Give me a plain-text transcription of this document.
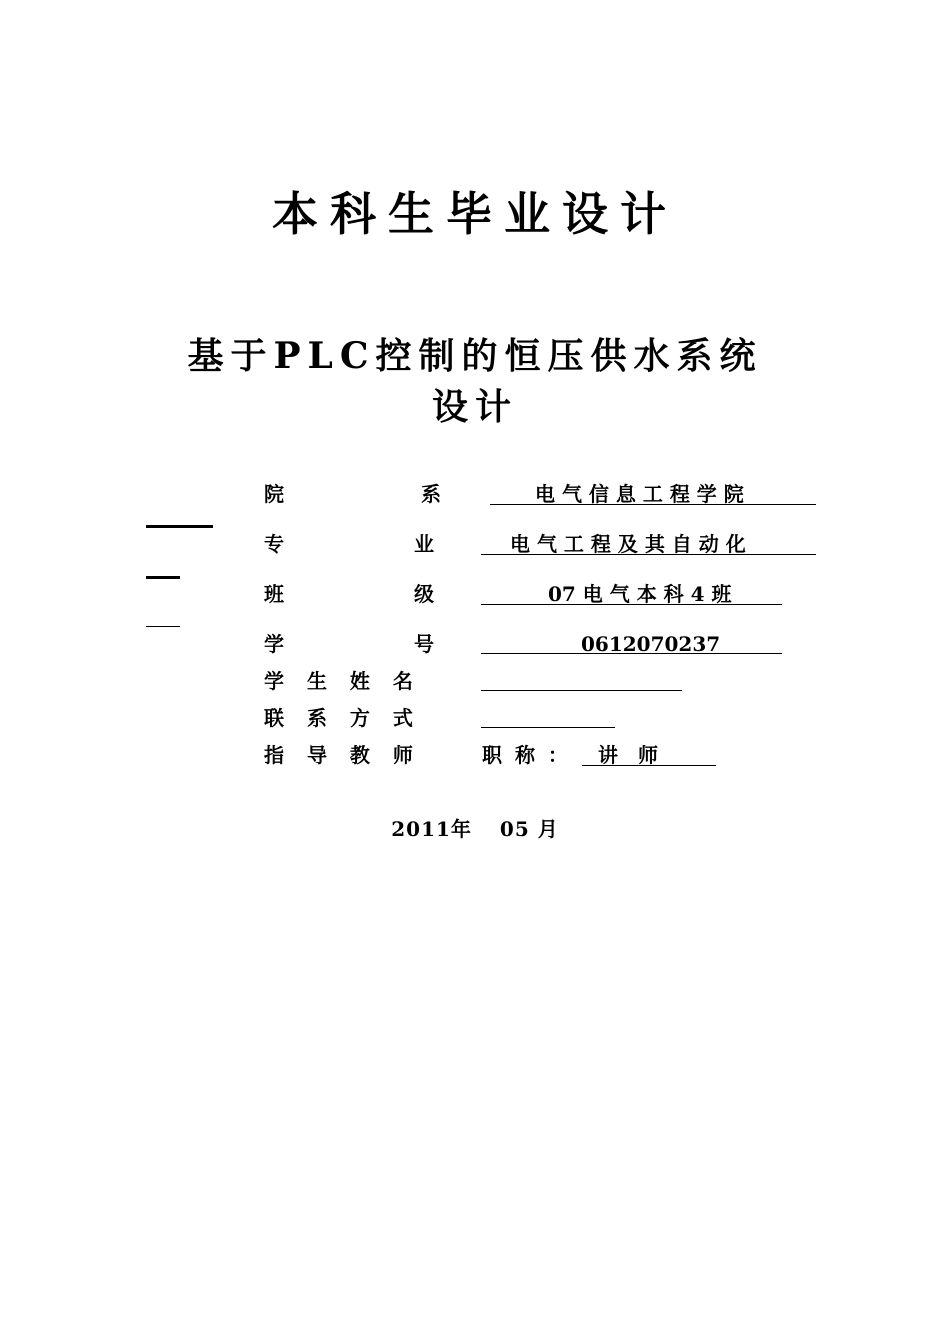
本科生毕业设计
基于PLC控制的恒压供水系统
设计
院	系	电 气 信 息 工 程 学 院
专	业	电 气 工 程 及 其 自 动 化
班	级	07 电 气 本 科 4 班
学	号	0612070237
学 生 姓 名
联 系 方 式
指 导 教 师	职 称 ： 讲　师
2011年 05 月
